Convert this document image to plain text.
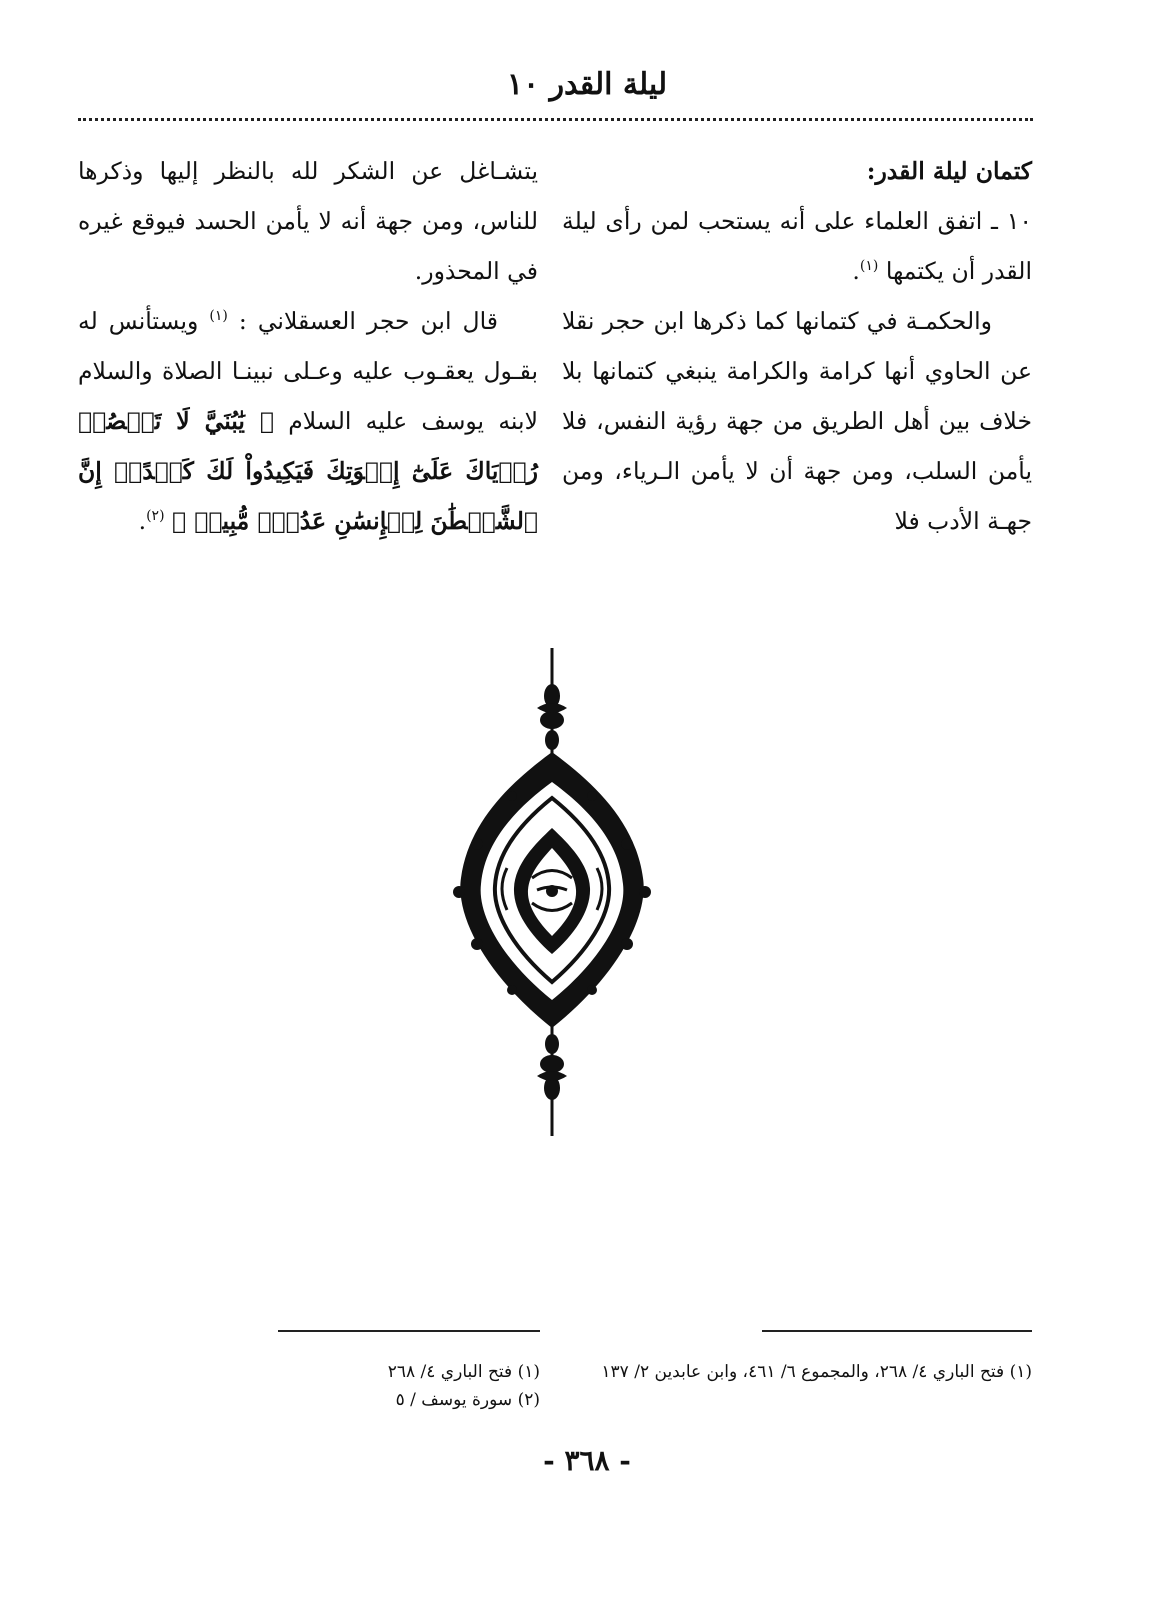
ليلة القدر ١٠

كتمان ليلة القدر:

١٠ ـ اتفق العلماء على أنه يستحب لمن رأى ليلة القدر أن يكتمها $^{(١)}$.

والحكمـة في كتمانها كما ذكرها ابن حجر نقلا عن الحاوي أنها كرامة والكرامة ينبغي كتمانها بلا خلاف بين أهل الطريق من جهة رؤية النفس، فلا يأمن السلب، ومن جهة أن لا يأمن الـرياء، ومن جهـة الأدب فلا

يتشـاغل عن الشكر لله بالنظر إليها وذكرها للناس، ومن جهة أنه لا يأمن الحسد فيوقع غيره في المحذور.

قال ابن حجر العسقلاني : $^{(١)}$ ويستأنس له بقـول يعقـوب عليه وعـلى نبينـا الصلاة والسلام لابنه يوسف عليه السلام ﴿ يَٰبُنَيَّ لَا تَقۡصُصۡ رُءۡيَاكَ عَلَىٰٓ إِخۡوَتِكَ فَيَكِيدُواْ لَكَ كَيۡدًاۖ إِنَّ ٱلشَّيۡطَٰنَ لِلۡإِنسَٰنِ عَدُوّٞ مُّبِينٞ ﴾ $^{(٢)}$.

(١) فتح الباري ٤/ ٢٦٨، والمجموع ٦/ ٤٦١، وابن عابدين ٢/ ١٣٧

(١) فتح الباري ٤/ ٢٦٨

(٢) سورة يوسف / ٥

- ٣٦٨ -
